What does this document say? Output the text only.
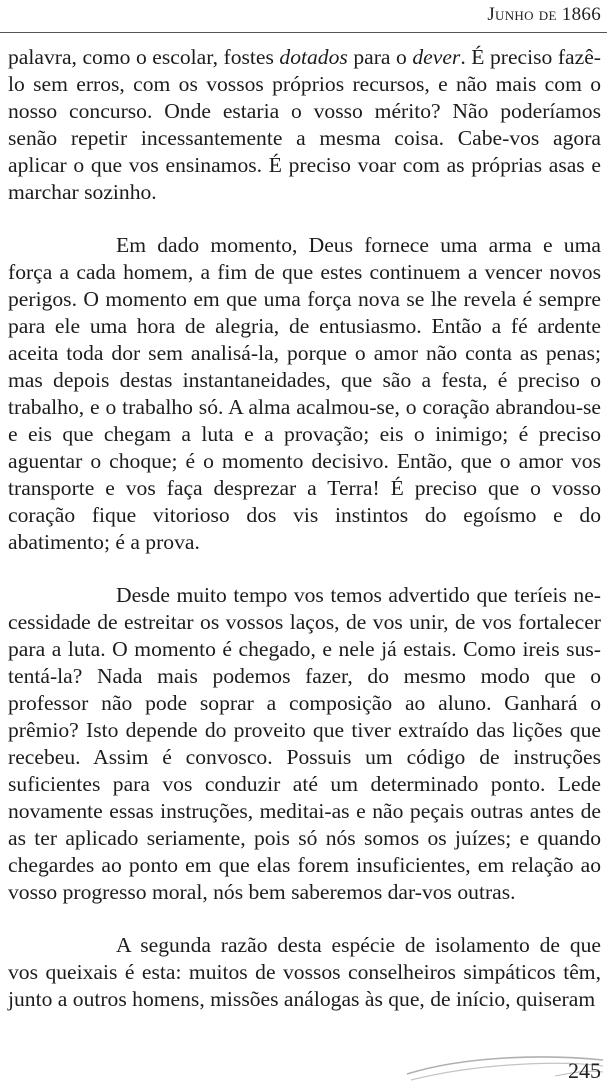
Junho de 1866

palavra, como o escolar, fostes dotados para o dever. É preciso fazê-lo sem erros, com os vossos próprios recursos, e não mais com o nosso concurso. Onde estaria o vosso mérito? Não poderíamos senão repetir incessantemente a mesma coisa. Cabe-vos agora aplicar o que vos ensinamos. É preciso voar com as próprias asas e marchar sozinho.

Em dado momento, Deus fornece uma arma e uma força a cada homem, a fim de que estes continuem a vencer novos perigos. O momento em que uma força nova se lhe revela é sempre para ele uma hora de alegria, de entusiasmo. Então a fé ardente aceita toda dor sem analisá-la, porque o amor não conta as penas; mas depois destas instantaneidades, que são a festa, é preciso o trabalho, e o trabalho só. A alma acalmou-se, o coração abrandou-se e eis que chegam a luta e a provação; eis o inimigo; é preciso aguentar o choque; é o momento decisivo. Então, que o amor vos transporte e vos faça desprezar a Terra! É preciso que o vosso coração fique vitorioso dos vis instintos do egoísmo e do abatimento; é a prova.

Desde muito tempo vos temos advertido que teríeis necessidade de estreitar os vossos laços, de vos unir, de vos fortalecer para a luta. O momento é chegado, e nele já estais. Como ireis sustentá-la? Nada mais podemos fazer, do mesmo modo que o professor não pode soprar a composição ao aluno. Ganhará o prêmio? Isto depende do proveito que tiver extraído das lições que recebeu. Assim é convosco. Possuis um código de instruções suficientes para vos conduzir até um determinado ponto. Lede novamente essas instruções, meditai-as e não peçais outras antes de as ter aplicado seriamente, pois só nós somos os juízes; e quando chegardes ao ponto em que elas forem insuficientes, em relação ao vosso progresso moral, nós bem saberemos dar-vos outras.

A segunda razão desta espécie de isolamento de que vos queixais é esta: muitos de vossos conselheiros simpáticos têm, junto a outros homens, missões análogas às que, de início, quiseram

245
